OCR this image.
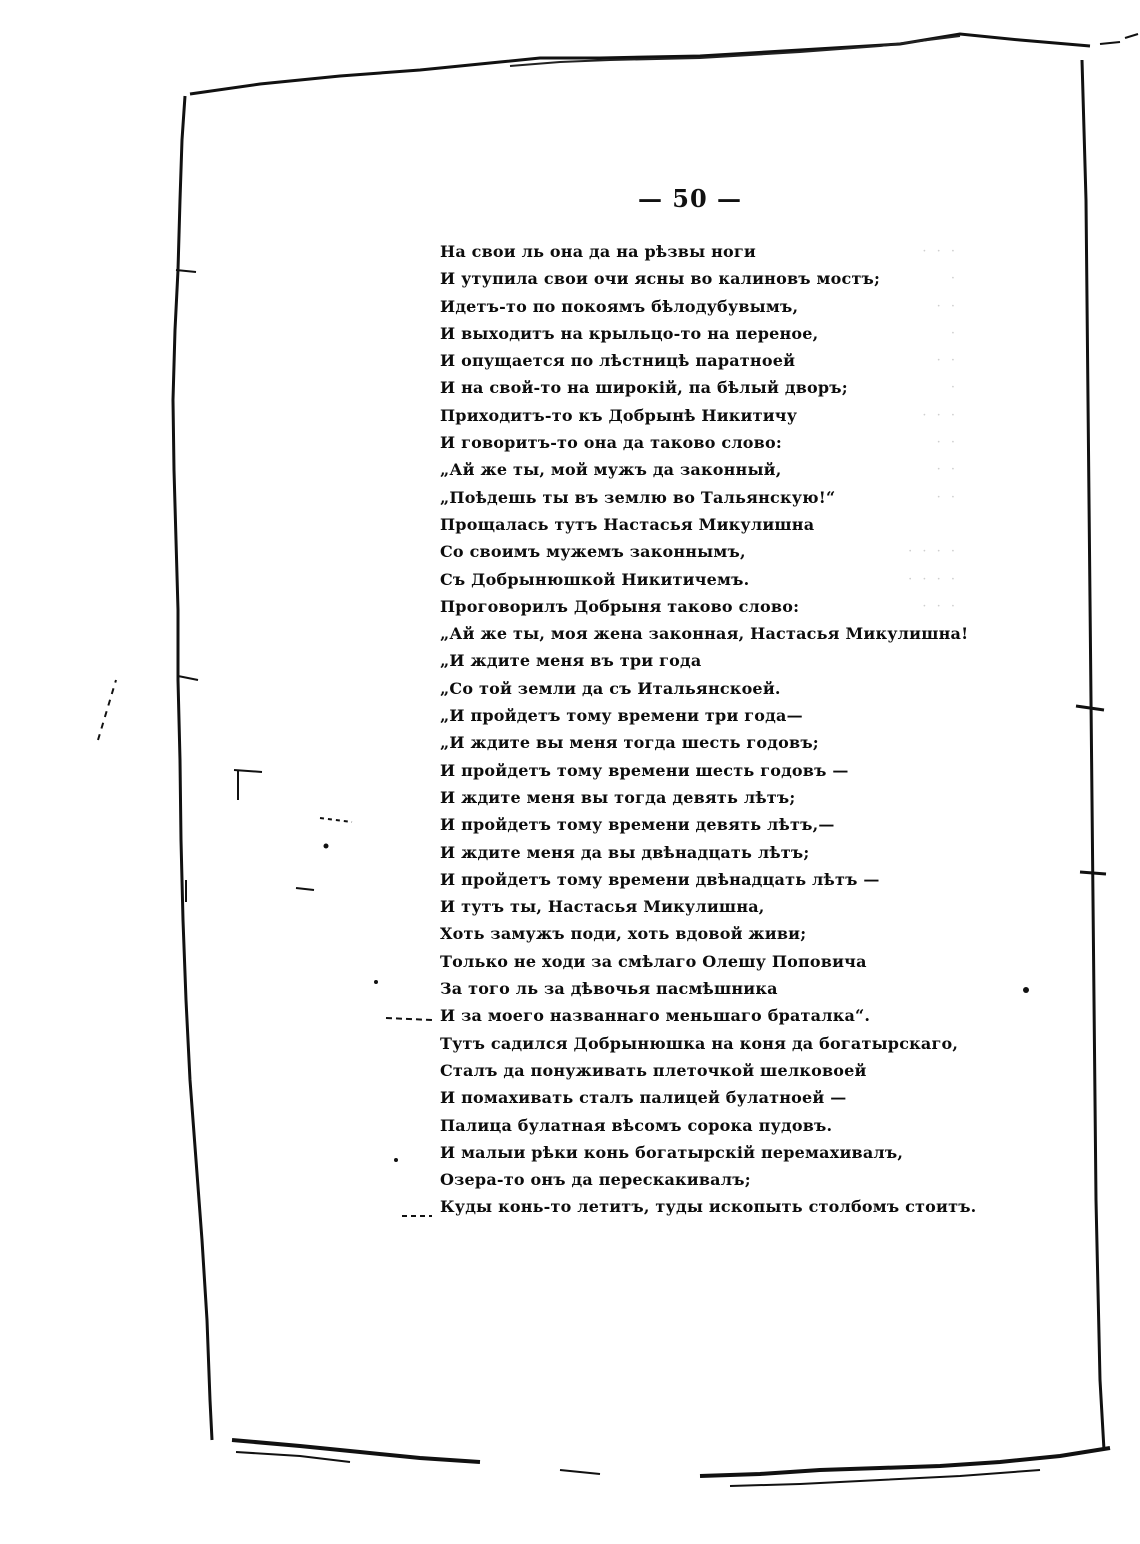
— 50 —
· · ·
·
· ·
·
· ·
·
· · ·
· ·
· ·
· ·
· · · ·
· · · ·
· · ·
На свои ль она да на рѣзвы ноги
И утупила свои очи ясны во калиновъ мостъ;
Идетъ-то по покоямъ бѣлодубувымъ,
И выходитъ на крыльцо-то на переное,
И опущается по лѣстницѣ паратноей
И на свой-то на широкій, па бѣлый дворъ;
Приходитъ-то къ Добрынѣ Никитичу
И говоритъ-то она да таково слово:
„Ай же ты, мой мужъ да законный,
„Поѣдешь ты въ землю во Тальянскую!“
Прощалась тутъ Настасья Микулишна
Со своимъ мужемъ законнымъ,
Съ Добрынюшкой Никитичемъ.
Проговорилъ Добрыня таково слово:
„Ай же ты, моя жена законная, Настасья Микулишна!
„И ждите меня въ три года
„Со той земли да съ Итальянскоей.
„И пройдетъ тому времени три года—
„И ждите вы меня тогда шесть годовъ;
И пройдетъ тому времени шесть годовъ —
И ждите меня вы тогда девять лѣтъ;
И пройдетъ тому времени девять лѣтъ,—
И ждите меня да вы двѣнадцать лѣтъ;
И пройдетъ тому времени двѣнадцать лѣтъ —
И тутъ ты, Настасья Микулишна,
Хоть замужъ поди, хоть вдовой живи;
Только не ходи за смѣлаго Олешу Поповича
За того ль за дѣвочья пасмѣшника
И за моего названнаго меньшаго браталка“.
Тутъ садился Добрынюшка на коня да богатырскаго,
Сталъ да понуживать плеточкой шелковоей
И помахивать сталъ палицей булатноей —
Палица булатная вѣсомъ сорока пудовъ.
И малыи рѣки конь богатырскій перемахивалъ,
Озера-то онъ да перескакивалъ;
Куды конь-то летитъ, туды ископыть столбомъ стоитъ.
